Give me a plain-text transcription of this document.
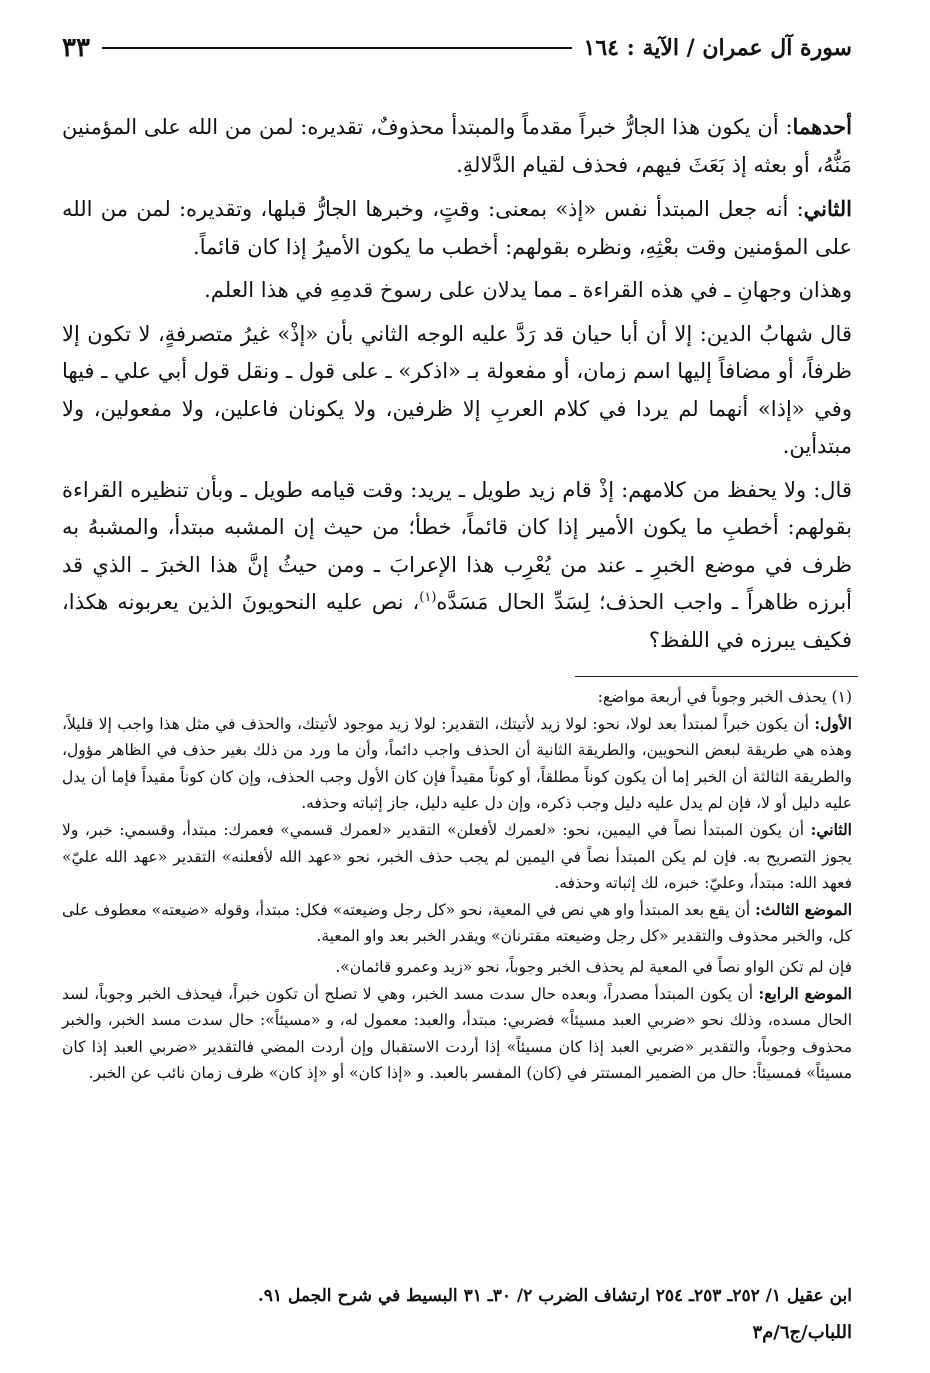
سورة آل عمران / الآية : ١٦٤
٣٣

أحدهما: أن يكون هذا الجارُّ خبراً مقدماً والمبتدأ محذوفٌ، تقديره: لمن من الله على المؤمنين مَنُّهُ، أو بعثه إذ بَعَثَ فيهم، فحذف لقيام الدَّلالةِ.

الثاني: أنه جعل المبتدأ نفس «إذ» بمعنى: وقتٍ، وخبرها الجارُّ قبلها، وتقديره: لمن من الله على المؤمنين وقت بعْثِهِ، ونظره بقولهم: أخطب ما يكون الأميرُ إذا كان قائماً.

وهذان وجهانِ ـ في هذه القراءة ـ مما يدلان على رسوخ قدمِهِ في هذا العلم.

قال شهابُ الدين: إلا أن أبا حيان قد رَدَّ عليه الوجه الثاني بأن «إذْ» غيرُ متصرفةٍ، لا تكون إلا ظرفاً، أو مضافاً إليها اسم زمان، أو مفعولة بـ «اذكر» ـ على قول ـ ونقل قول أبي علي ـ فيها وفي «إذا» أنهما لم يردا في كلام العربِ إلا ظرفين، ولا يكونان فاعلين، ولا مفعولين، ولا مبتدأين.

قال: ولا يحفظ من كلامهم: إذْ قام زيد طويل ـ يريد: وقت قيامه طويل ـ وبأن تنظيره القراءة بقولهم: أخطبِ ما يكون الأمير إذا كان قائماً، خطأ؛ من حيث إن المشبه مبتدأ، والمشبهُ به ظرف في موضع الخبرِ ـ عند من يُعْرِب هذا الإعرابَ ـ ومن حيثُ إنَّ هذا الخبرَ ـ الذي قد أبرزه ظاهراً ـ واجب الحذف؛ لِسَدِّ الحال مَسَدَّه$^{(١)}$، نص عليه النحويونَ الذين يعربونه هكذا، فكيف يبرزه في اللفظ؟

(١) يحذف الخبر وجوباً في أربعة مواضع:

الأول: أن يكون خبراً لمبتدأ بعد لولا، نحو: لولا زيد لأتيتك، التقدير: لولا زيد موجود لأتيتك، والحذف في مثل هذا واجب إلا قليلاً، وهذه هي طريقة لبعض النحويين، والطريقة الثانية أن الحذف واجب دائماً، وأن ما ورد من ذلك بغير حذف في الظاهر مؤول، والطريقة الثالثة أن الخبر إما أن يكون كوناً مطلقاً، أو كوناً مقيداً فإن كان الأول وجب الحذف، وإن كان كوناً مقيداً فإما أن يدل عليه دليل أو لا، فإن لم يدل عليه دليل وجب ذكره، وإن دل عليه دليل، جاز إثباته وحذفه.

الثاني: أن يكون المبتدأ نصاً في اليمين، نحو: «لعمرك لأفعلن» التقدير «لعمرك قسمي» فعمرك: مبتدأ، وقسمي: خبر، ولا يجوز التصريح به. فإن لم يكن المبتدأ نصاً في اليمين لم يجب حذف الخبر، نحو «عهد الله لأفعلنه» التقدير «عهد الله عليّ» فعهد الله: مبتدأ، وعليّ: خبره، لك إثباته وحذفه.

الموضع الثالث: أن يقع بعد المبتدأ واو هي نص في المعية، نحو «كل رجل وضيعته» فكل: مبتدأ، وقوله «ضيعته» معطوف على كل، والخبر محذوف والتقدير «كل رجل وضيعته مقترنان» ويقدر الخبر بعد واو المعية.

فإن لم تكن الواو نصاً في المعية لم يحذف الخبر وجوباً، نحو «زيد وعمرو قائمان».

الموضع الرابع: أن يكون المبتدأ مصدراً، وبعده حال سدت مسد الخبر، وهي لا تصلح أن تكون خبراً، فيحذف الخبر وجوباً، لسد الحال مسده، وذلك نحو «ضربي العبد مسيئاً» فضربي: مبتدأ، والعبد: معمول له، و «مسيئاً»: حال سدت مسد الخبر، والخبر محذوف وجوباً، والتقدير «ضربي العبد إذا كان مسيئاً» إذا أردت الاستقبال وإن أردت المضي فالتقدير «ضربي العبد إذا كان مسيئاً» فمسيئاً: حال من الضمير المستتر في (كان) المفسر بالعبد. و «إذا كان» أو «إذ كان» ظرف زمان نائب عن الخبر.

ابن عقيل ١/ ٢٥٢ـ ٢٥٣ـ ٢٥٤ ارتشاف الضرب ٢/ ٣٠ـ ٣١ البسيط في شرح الجمل ٩١.
اللباب/ج٦/م٣
